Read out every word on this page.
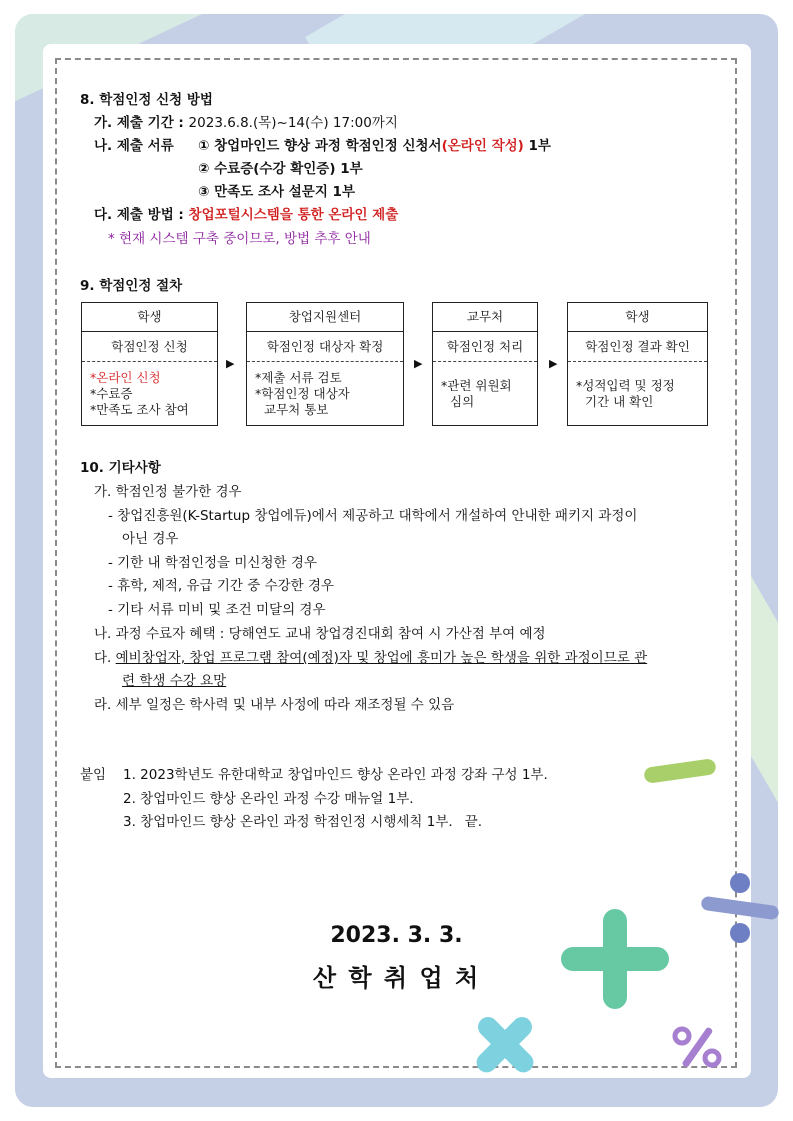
8. 학점인정 신청 방법
가. 제출 기간 : 2023.6.8.(목)~14(수) 17:00까지
나. 제출 서류 ① 창업마인드 향상 과정 학점인정 신청서(온라인 작성) 1부
② 수료증(수강 확인증) 1부
③ 만족도 조사 설문지 1부
다. 제출 방법 : 창업포털시스템을 통한 온라인 제출
* 현재 시스템 구축 중이므로, 방법 추후 안내
9. 학점인정 절차
학생
학점인정 신청
*온라인 신청
*수료증
*만족도 조사 참여
▶
창업지원센터
학점인정 대상자 확정
*제출 서류 검토
*학점인정 대상자
교무처 통보
▶
교무처
학점인정 처리
*관련 위원회
심의
▶
학생
학점인정 결과 확인
*성적입력 및 정정
기간 내 확인
10. 기타사항
가. 학점인정 불가한 경우
- 창업진흥원(K-Startup 창업에듀)에서 제공하고 대학에서 개설하여 안내한 패키지 과정이
아닌 경우
- 기한 내 학점인정을 미신청한 경우
- 휴학, 제적, 유급 기간 중 수강한 경우
- 기타 서류 미비 및 조건 미달의 경우
나. 과정 수료자 혜택 : 당해연도 교내 창업경진대회 참여 시 가산점 부여 예정
다. 예비창업자, 창업 프로그램 참여(예정)자 및 창업에 흥미가 높은 학생을 위한 과정이므로 관
련 학생 수강 요망
라. 세부 일정은 학사력 및 내부 사정에 따라 재조정될 수 있음
붙임 1. 2023학년도 유한대학교 창업마인드 향상 온라인 과정 강좌 구성 1부.
2. 창업마인드 향상 온라인 과정 수강 매뉴얼 1부.
3. 창업마인드 향상 온라인 과정 학점인정 시행세칙 1부. 끝.
2023. 3. 3.
산 학 취 업 처
